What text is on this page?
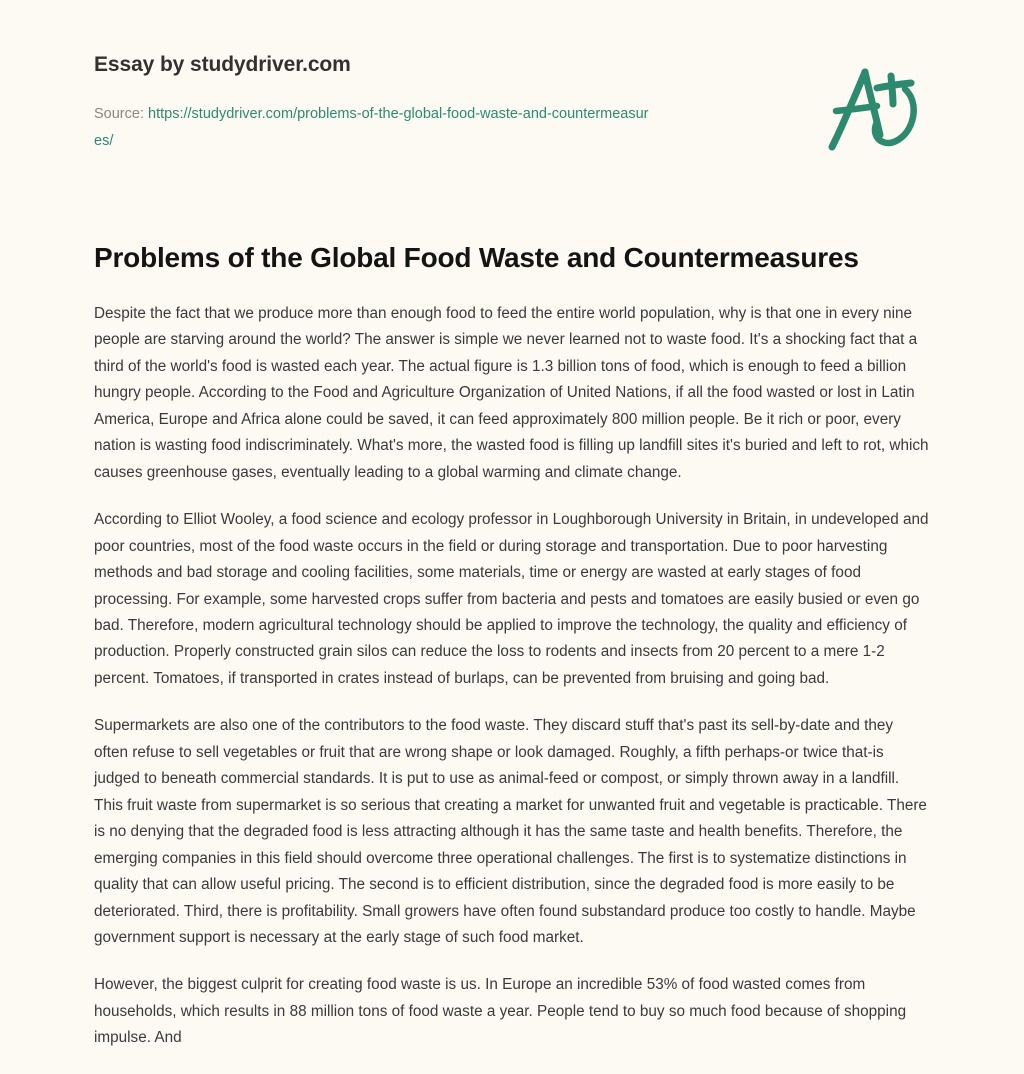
Essay by studydriver.com
Source: https://studydriver.com/problems-of-the-global-food-waste-and-countermeasures/
Problems of the Global Food Waste and Countermeasures

Despite the fact that we produce more than enough food to feed the entire world population, why is that one in every nine people are starving around the world? The answer is simple we never learned not to waste food. It's a shocking fact that a third of the world's food is wasted each year. The actual figure is 1.3 billion tons of food, which is enough to feed a billion hungry people. According to the Food and Agriculture Organization of United Nations, if all the food wasted or lost in Latin America, Europe and Africa alone could be saved, it can feed approximately 800 million people. Be it rich or poor, every nation is wasting food indiscriminately. What's more, the wasted food is filling up landfill sites it's buried and left to rot, which causes greenhouse gases, eventually leading to a global warming and climate change.

According to Elliot Wooley, a food science and ecology professor in Loughborough University in Britain, in undeveloped and poor countries, most of the food waste occurs in the field or during storage and transportation. Due to poor harvesting methods and bad storage and cooling facilities, some materials, time or energy are wasted at early stages of food processing. For example, some harvested crops suffer from bacteria and pests and tomatoes are easily busied or even go bad. Therefore, modern agricultural technology should be applied to improve the technology, the quality and efficiency of production. Properly constructed grain silos can reduce the loss to rodents and insects from 20 percent to a mere 1-2 percent. Tomatoes, if transported in crates instead of burlaps, can be prevented from bruising and going bad.

Supermarkets are also one of the contributors to the food waste. They discard stuff that's past its sell-by-date and they often refuse to sell vegetables or fruit that are wrong shape or look damaged. Roughly, a fifth perhaps-or twice that-is judged to beneath commercial standards. It is put to use as animal-feed or compost, or simply thrown away in a landfill. This fruit waste from supermarket is so serious that creating a market for unwanted fruit and vegetable is practicable. There is no denying that the degraded food is less attracting although it has the same taste and health benefits. Therefore, the emerging companies in this field should overcome three operational challenges. The first is to systematize distinctions in quality that can allow useful pricing. The second is to efficient distribution, since the degraded food is more easily to be deteriorated. Third, there is profitability. Small growers have often found substandard produce too costly to handle. Maybe government support is necessary at the early stage of such food market.

However, the biggest culprit for creating food waste is us. In Europe an incredible 53% of food wasted comes from households, which results in 88 million tons of food waste a year. People tend to buy so much food because of shopping impulse. And
